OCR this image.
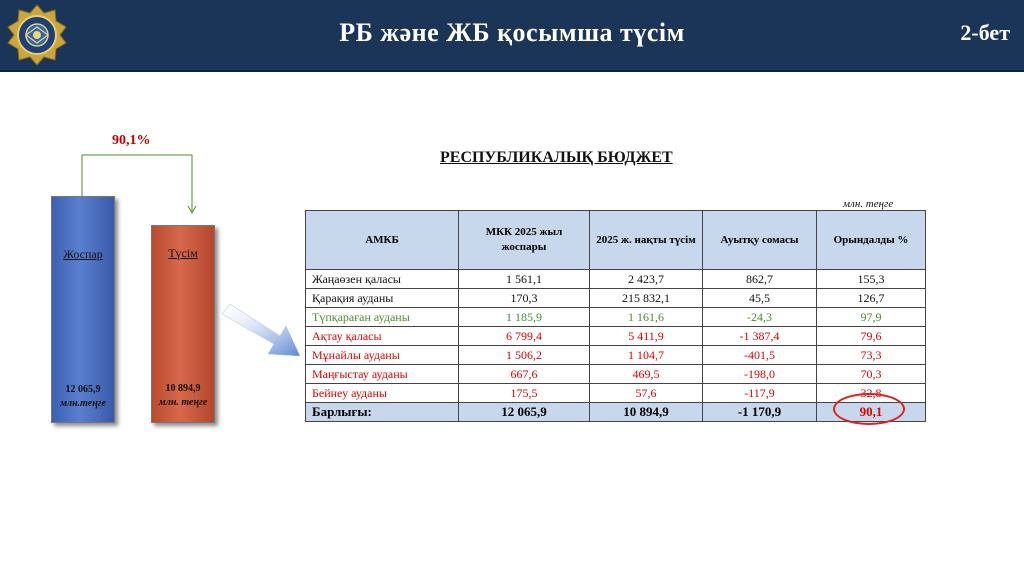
РБ және ЖБ қосымша түсім	2-бет
90,1%
Жоспар
12 065,9
млн.теңге
Түсім
10 894,9
млн. теңге
РЕСПУБЛИКАЛЫҚ БЮДЖЕТ
млн. теңге
АМКБ	МКК 2025 жыл жоспары	2025 ж. нақты түсім	Ауытқу сомасы	Орындалды %
Жаңаөзен қаласы	1 561,1	2 423,7	862,7	155,3
Қарақия ауданы	170,3	215 832,1	45,5	126,7
Түпқараған ауданы	1 185,9	1 161,6	-24,3	97,9
Ақтау қаласы	6 799,4	5 411,9	-1 387,4	79,6
Мұнайлы ауданы	1 506,2	1 104,7	-401,5	73,3
Маңғыстау ауданы	667,6	469,5	-198,0	70,3
Бейнеу ауданы	175,5	57,6	-117,9	32,8
Барлығы:	12 065,9	10 894,9	-1 170,9	90,1
